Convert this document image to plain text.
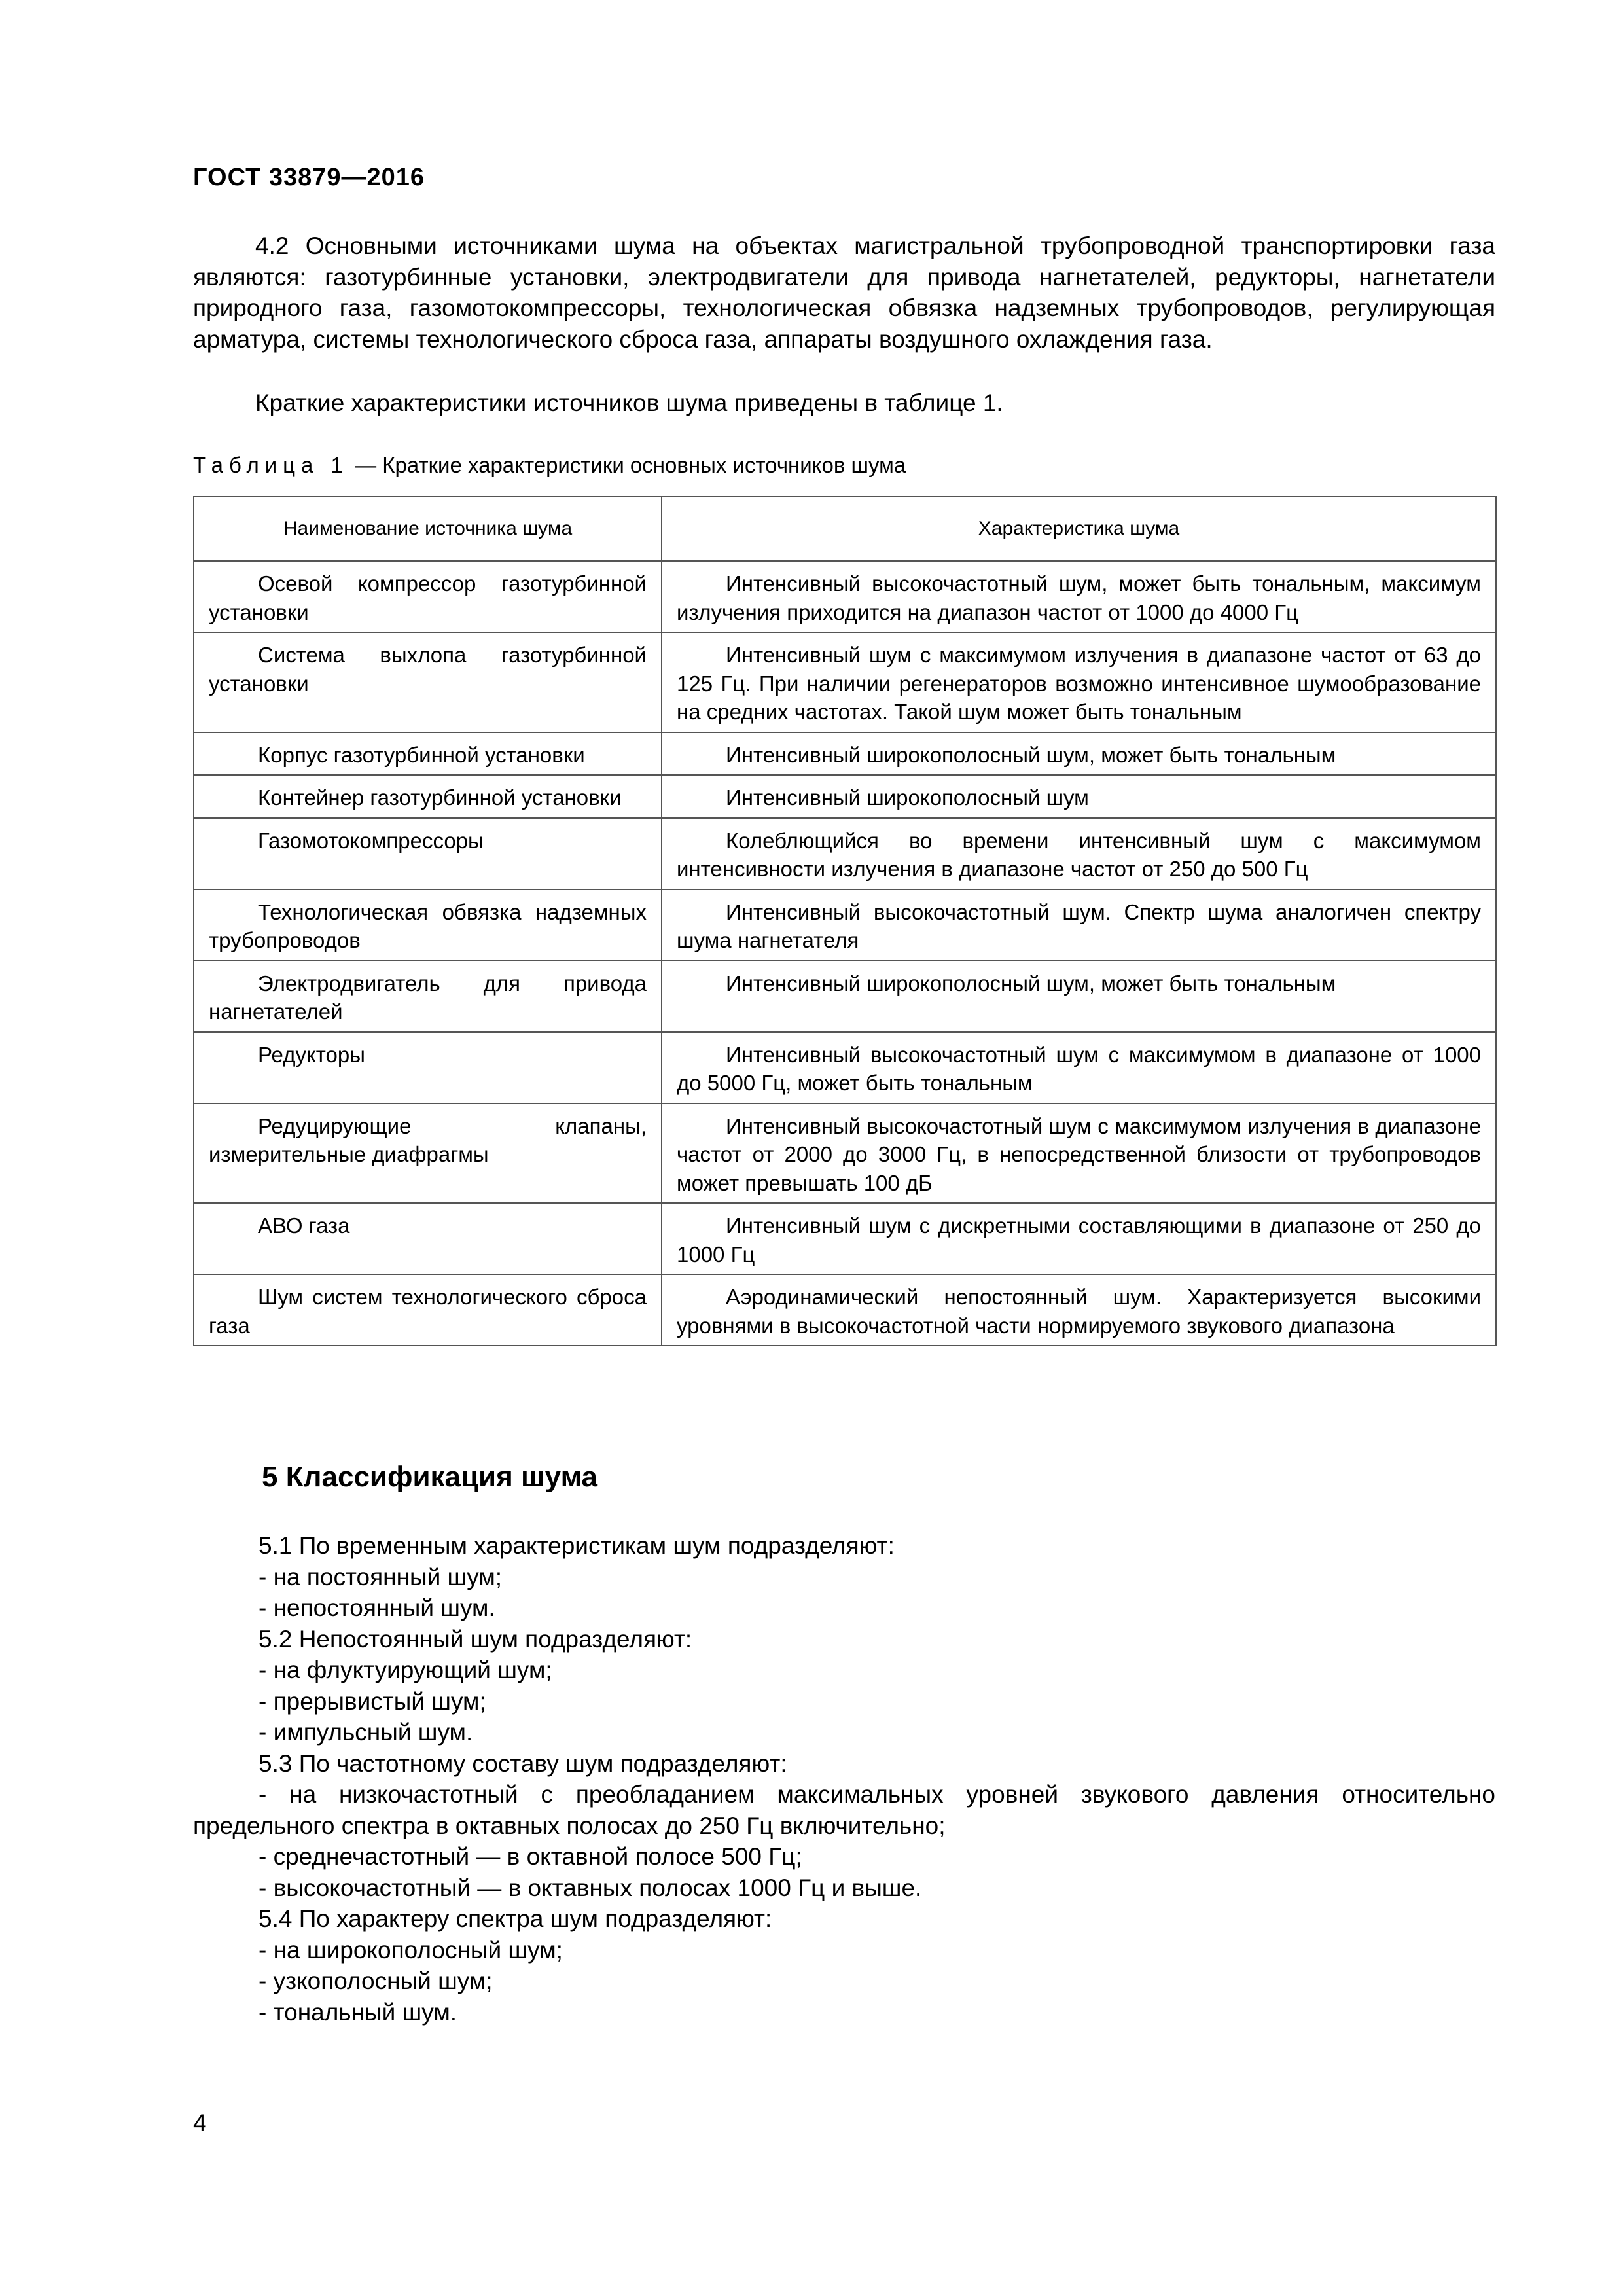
ГОСТ 33879—2016
4.2 Основными источниками шума на объектах магистральной трубопроводной транспортировки газа являются: газотурбинные установки, электродвигатели для привода нагнетателей, редукторы, нагнетатели природного газа, газомотокомпрессоры, технологическая обвязка надземных трубопроводов, регулирующая арматура, системы технологического сброса газа, аппараты воздушного охлаждения газа.
Краткие характеристики источников шума приведены в таблице 1.
Таблица 1 — Краткие характеристики основных источников шума
Наименование источника шума	Характеристика шума
Осевой компрессор газотурбинной установки	Интенсивный высокочастотный шум, может быть тональным, максимум излучения приходится на диапазон частот от 1000 до 4000 Гц
Система выхлопа газотурбинной установки	Интенсивный шум с максимумом излучения в диапазоне частот от 63 до 125 Гц. При наличии регенераторов возможно интенсивное шумообразование на средних частотах. Такой шум может быть тональным
Корпус газотурбинной установки	Интенсивный широкополосный шум, может быть тональным
Контейнер газотурбинной установки	Интенсивный широкополосный шум
Газомотокомпрессоры	Колеблющийся во времени интенсивный шум с максимумом интенсивности излучения в диапазоне частот от 250 до 500 Гц
Технологическая обвязка надземных трубопроводов	Интенсивный высокочастотный шум. Спектр шума аналогичен спектру шума нагнетателя
Электродвигатель для привода нагнетателей	Интенсивный широкополосный шум, может быть тональным
Редукторы	Интенсивный высокочастотный шум с максимумом в диапазоне от 1000 до 5000 Гц, может быть тональным
Редуцирующие клапаны, измерительные диафрагмы	Интенсивный высокочастотный шум с максимумом излучения в диапазоне частот от 2000 до 3000 Гц, в непосредственной близости от трубопроводов может превышать 100 дБ
АВО газа	Интенсивный шум с дискретными составляющими в диапазоне от 250 до 1000 Гц
Шум систем технологического сброса газа	Аэродинамический непостоянный шум. Характеризуется высокими уровнями в высокочастотной части нормируемого звукового диапазона
5 Классификация шума
5.1 По временным характеристикам шум подразделяют:
- на постоянный шум;
- непостоянный шум.
5.2 Непостоянный шум подразделяют:
- на флуктуирующий шум;
- прерывистый шум;
- импульсный шум.
5.3 По частотному составу шум подразделяют:
- на низкочастотный с преобладанием максимальных уровней звукового давления относительно
предельного спектра в октавных полосах до 250 Гц включительно;
- среднечастотный — в октавной полосе 500 Гц;
- высокочастотный — в октавных полосах 1000 Гц и выше.
5.4 По характеру спектра шум подразделяют:
- на широкополосный шум;
- узкополосный шум;
- тональный шум.
4
